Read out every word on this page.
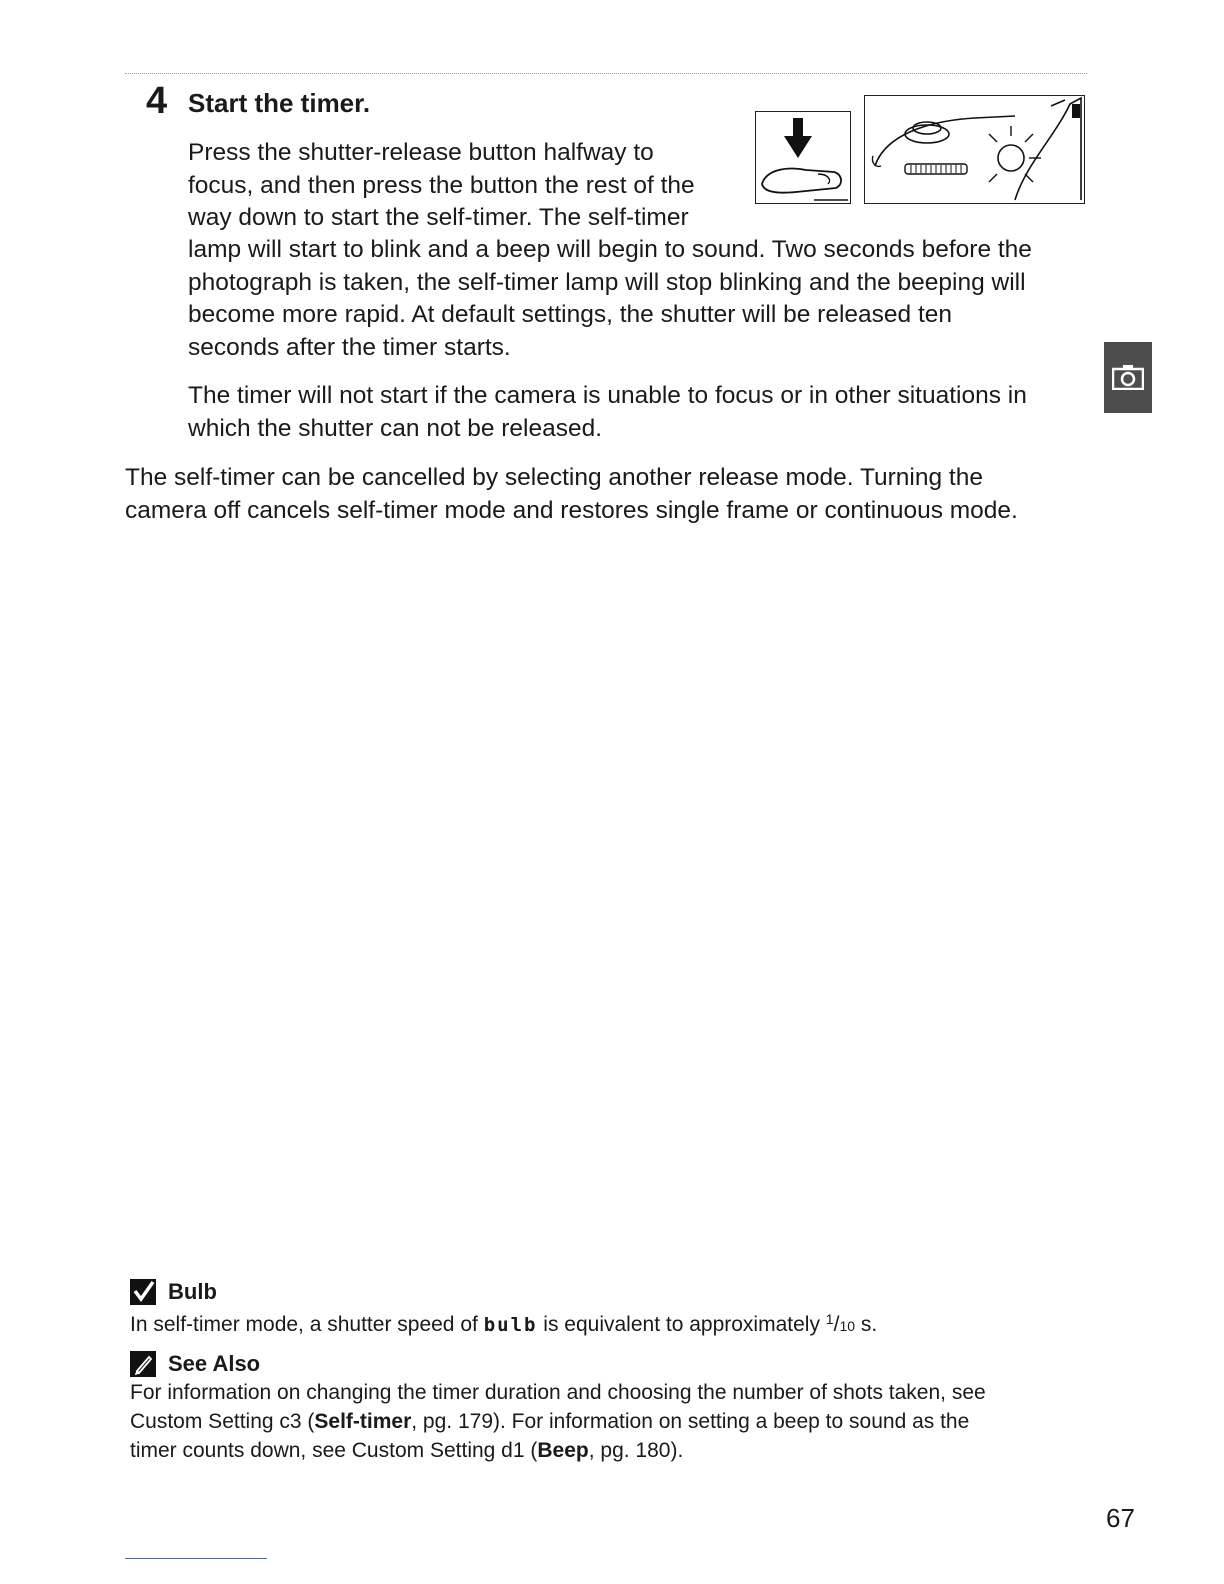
4 Start the timer.
Press the shutter-release button halfway to
focus, and then press the button the rest of the
way down to start the self-timer. The self-timer
lamp will start to blink and a beep will begin to sound. Two seconds before the
photograph is taken, the self-timer lamp will stop blinking and the beeping will
become more rapid. At default settings, the shutter will be released ten
seconds after the timer starts.
The timer will not start if the camera is unable to focus or in other situations in
which the shutter can not be released.
The self-timer can be cancelled by selecting another release mode. Turning the
camera off cancels self-timer mode and restores single frame or continuous mode.
Bulb
In self-timer mode, a shutter speed of bulb is equivalent to approximately $^1$/10 s.
See Also
For information on changing the timer duration and choosing the number of shots taken, see
Custom Setting c3 (Self-timer, pg. 179). For information on setting a beep to sound as the
timer counts down, see Custom Setting d1 (Beep, pg. 180).
67
